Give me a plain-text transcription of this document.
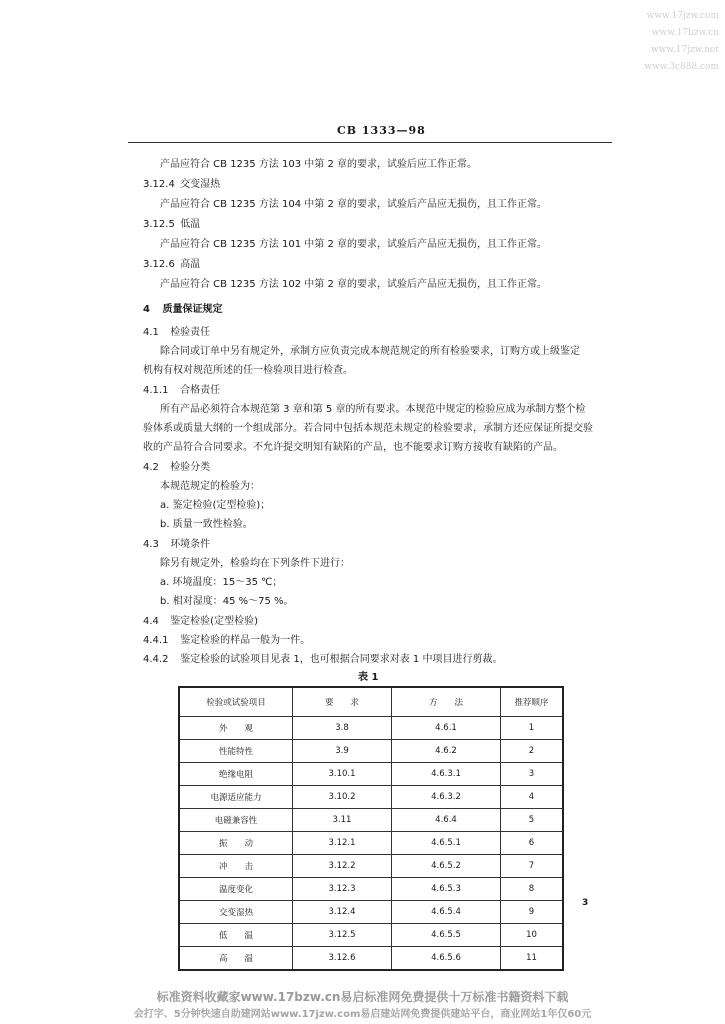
www.17jzw.com
www.17bzw.cn
www.17jzw.net
www.3c888.com
CB 1333—98
产品应符合 CB 1235 方法 103 中第 2 章的要求，试验后应工作正常。
3.12.4 交变湿热
产品应符合 CB 1235 方法 104 中第 2 章的要求，试验后产品应无损伤，且工作正常。
3.12.5 低温
产品应符合 CB 1235 方法 101 中第 2 章的要求，试验后产品应无损伤，且工作正常。
3.12.6 高温
产品应符合 CB 1235 方法 102 中第 2 章的要求，试验后产品应无损伤，且工作正常。
4 质量保证规定
4.1 检验责任
除合同或订单中另有规定外，承制方应负责完成本规范规定的所有检验要求，订购方或上级鉴定
机构有权对规范所述的任一检验项目进行检查。
4.1.1 合格责任
所有产品必须符合本规范第 3 章和第 5 章的所有要求。本规范中规定的检验应成为承制方整个检
验体系或质量大纲的一个组成部分。若合同中包括本规范未规定的检验要求，承制方还应保证所提交验
收的产品符合合同要求。不允许提交明知有缺陷的产品，也不能要求订购方接收有缺陷的产品。
4.2 检验分类
本规范规定的检验为：
a. 鉴定检验(定型检验)；
b. 质量一致性检验。
4.3 环境条件
除另有规定外，检验均在下列条件下进行：
a. 环境温度：15～35 ℃；
b. 相对湿度：45 %～75 %。
4.4 鉴定检验(定型检验)
4.4.1 鉴定检验的样品一般为一件。
4.4.2 鉴定检验的试验项目见表 1，也可根据合同要求对表 1 中项目进行剪裁。
表 1
检验或试验项目	要　　求	方　　法	推荐顺序
外　　观	3.8	4.6.1	1
性能特性	3.9	4.6.2	2
绝缘电阻	3.10.1	4.6.3.1	3
电源适应能力	3.10.2	4.6.3.2	4
电磁兼容性	3.11	4.6.4	5
振　　动	3.12.1	4.6.5.1	6
冲　　击	3.12.2	4.6.5.2	7
温度变化	3.12.3	4.6.5.3	8
交变湿热	3.12.4	4.6.5.4	9
低　　温	3.12.5	4.6.5.5	10
高　　温	3.12.6	4.6.5.6	11
3
标准资料收藏家www.17bzw.cn易启标准网免费提供十万标准书籍资料下载
会打字、5分钟快速自助建网站www.17jzw.com易启建站网免费提供建站平台，商业网站1年仅60元
